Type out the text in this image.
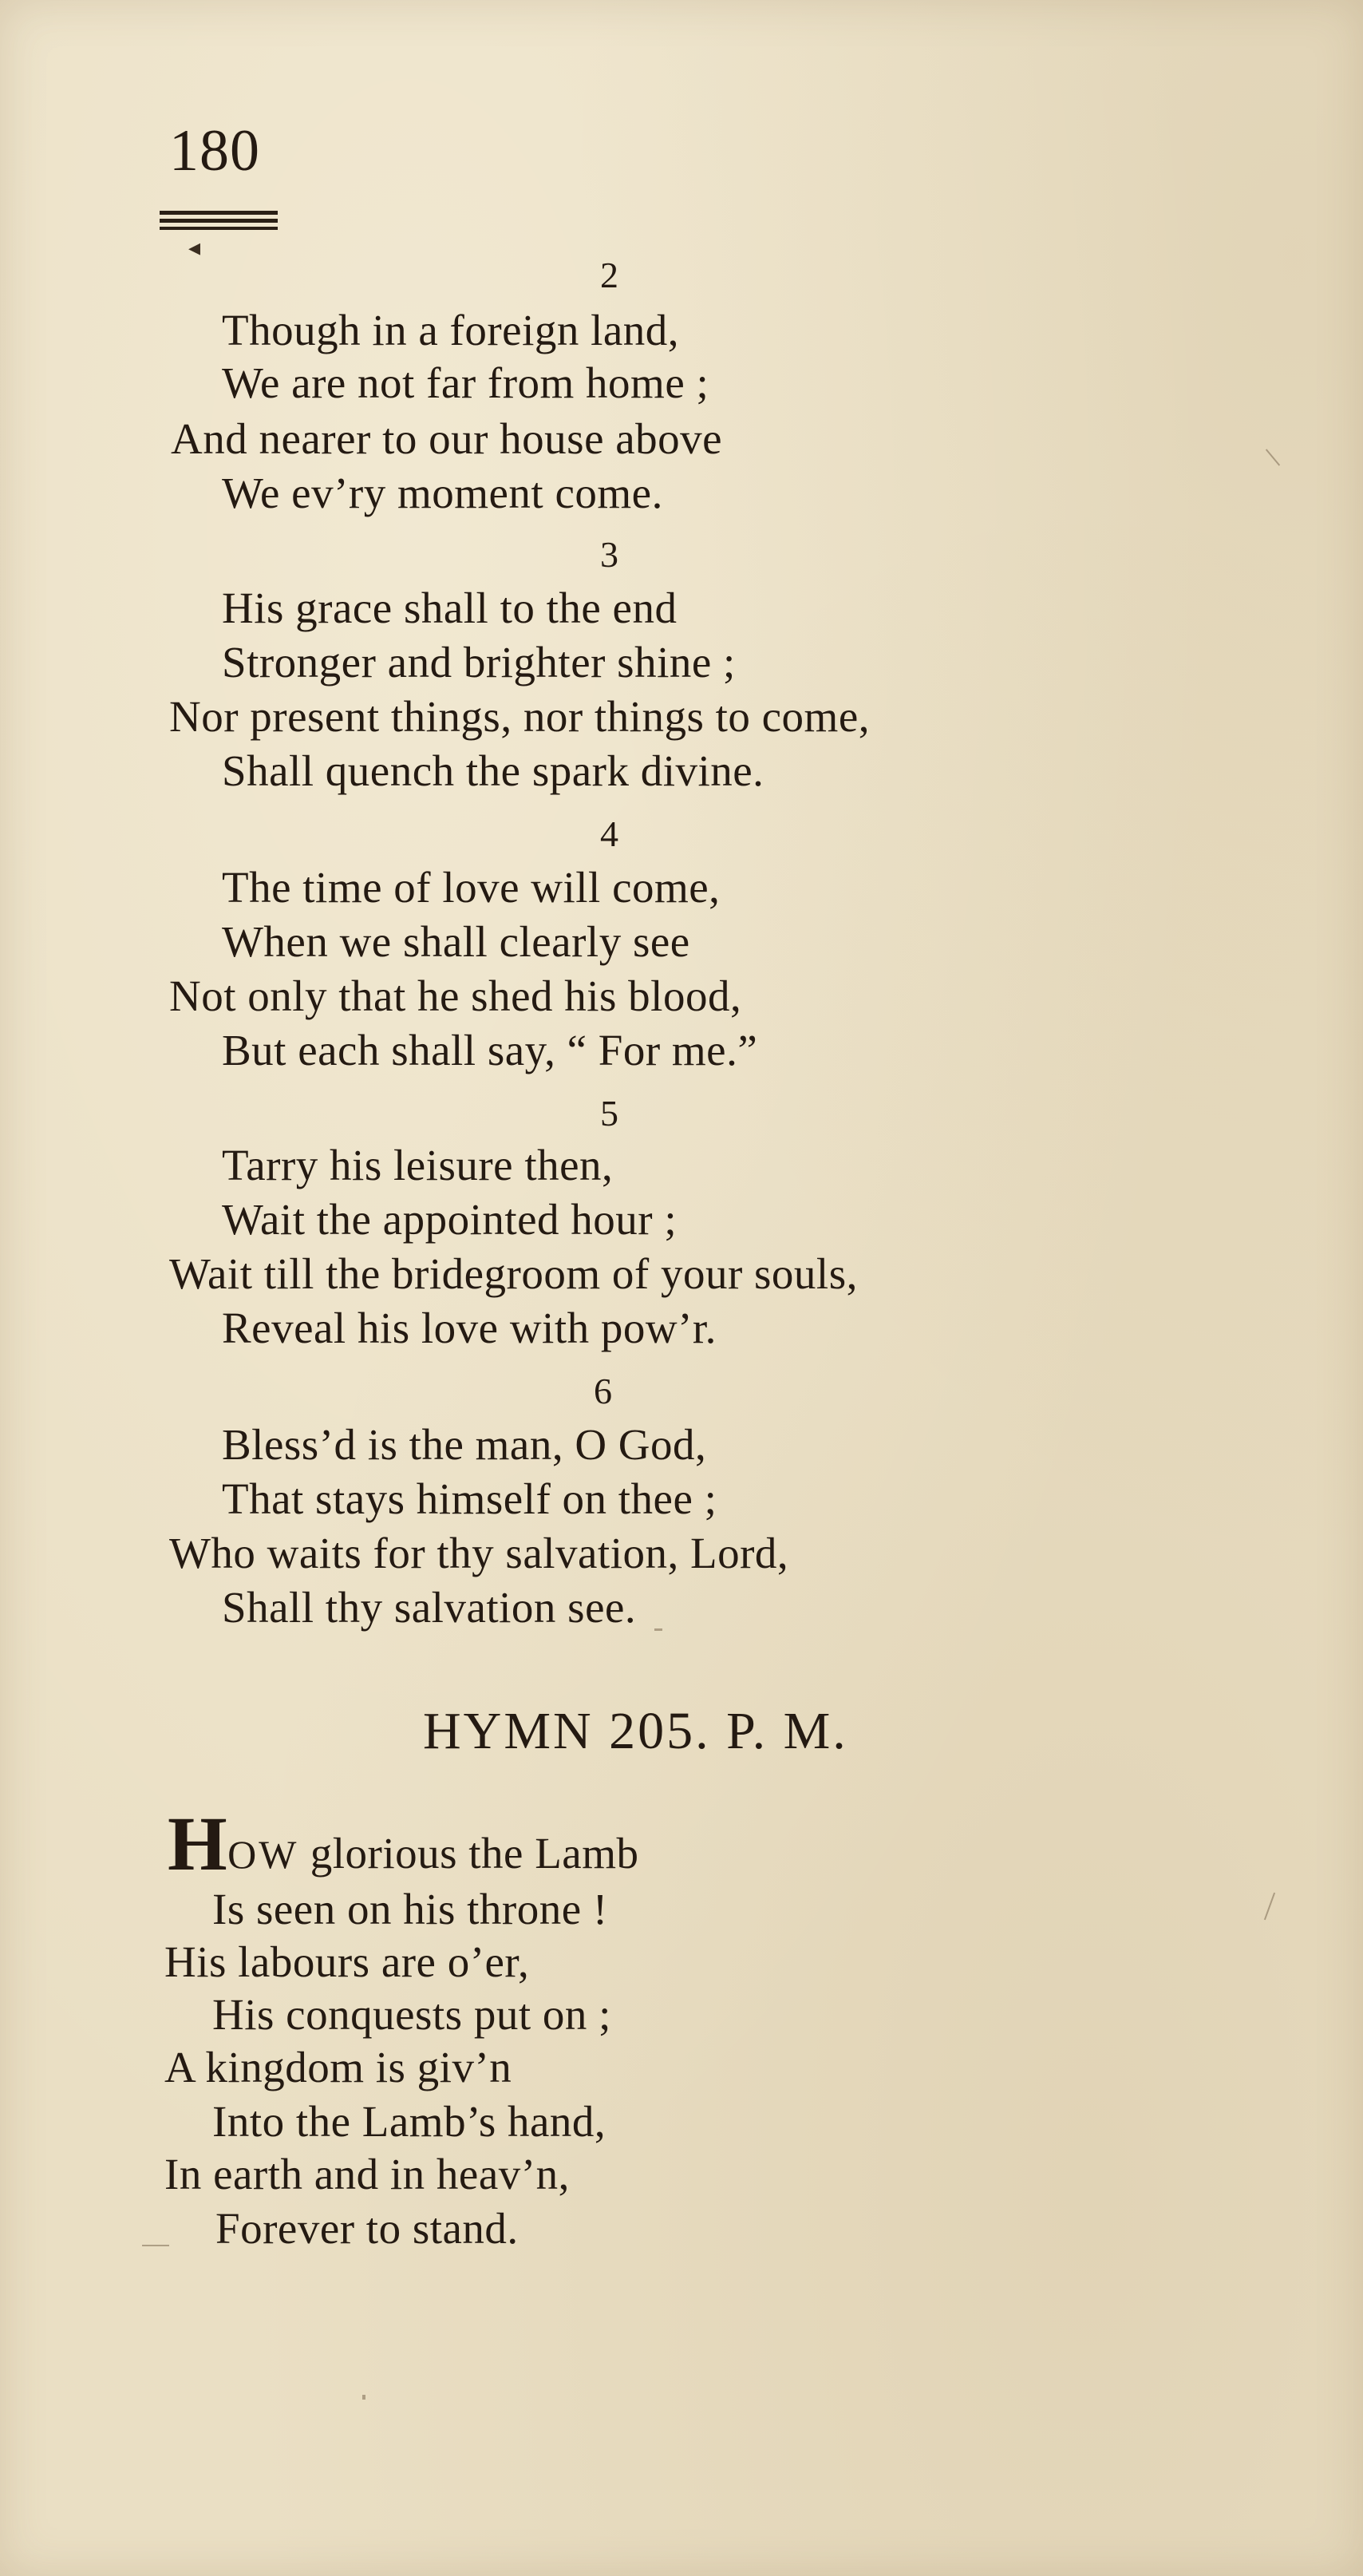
180
◂
2
Though in a foreign land,
We are not far from home ;
And nearer to our house above
We ev’ry moment come.
3
His grace shall to the end
Stronger and brighter shine ;
Nor present things, nor things to come,
Shall quench the spark divine.
4
The time of love will come,
When we shall clearly see
Not only that he shed his blood,
But each shall say, “ For me.”
5
Tarry his leisure then,
Wait the appointed hour ;
Wait till the bridegroom of your souls,
Reveal his love with pow’r.
6
Bless’d is the man, O God,
That stays himself on thee ;
Who waits for thy salvation, Lord,
Shall thy salvation see.
HYMN 205. P. M.
HOW glorious the Lamb
Is seen on his throne !
His labours are o’er,
His conquests put on ;
A kingdom is giv’n
Into the Lamb’s hand,
In earth and in heav’n,
Forever to stand.
